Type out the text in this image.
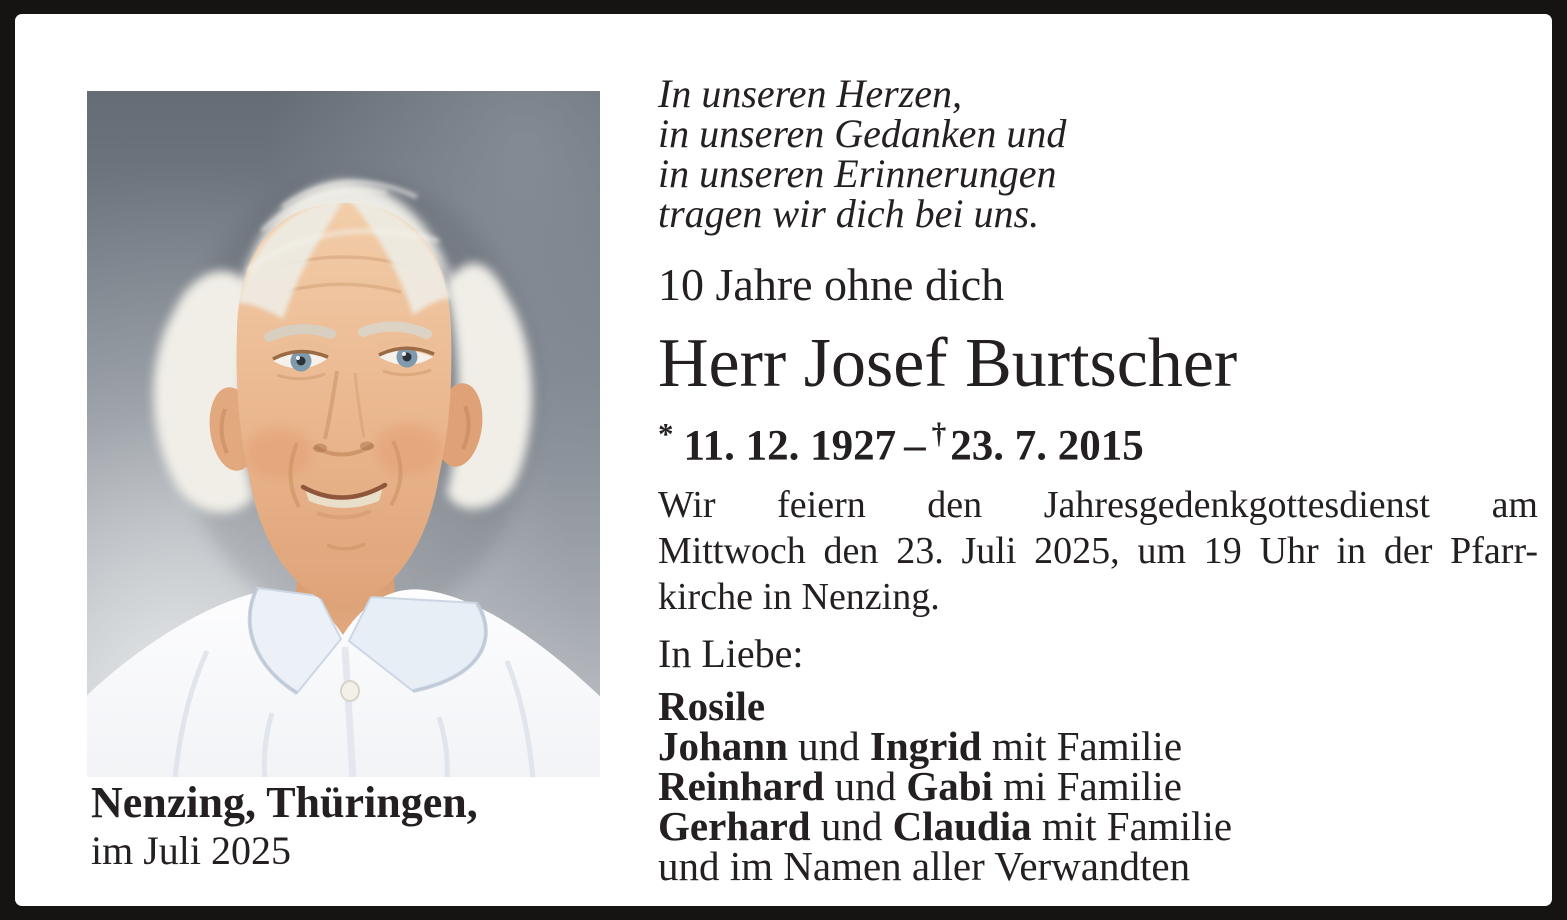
Nenzing, Thüringen,
im Juli 2025
In unseren Herzen,
in unseren Gedanken und
in unseren Erinnerungen
tragen wir dich bei uns.
10 Jahre ohne dich
Herr Josef Burtscher
* 11. 12. 1927 – †23. 7. 2015
Wir feiern den Jahresgedenkgottesdienst am
Mittwoch den 23. Juli 2025, um 19 Uhr in der Pfarr-
kirche in Nenzing.
In Liebe:
Rosile
Johann und Ingrid mit Familie
Reinhard und Gabi mi Familie
Gerhard und Claudia mit Familie
und im Namen aller Verwandten
